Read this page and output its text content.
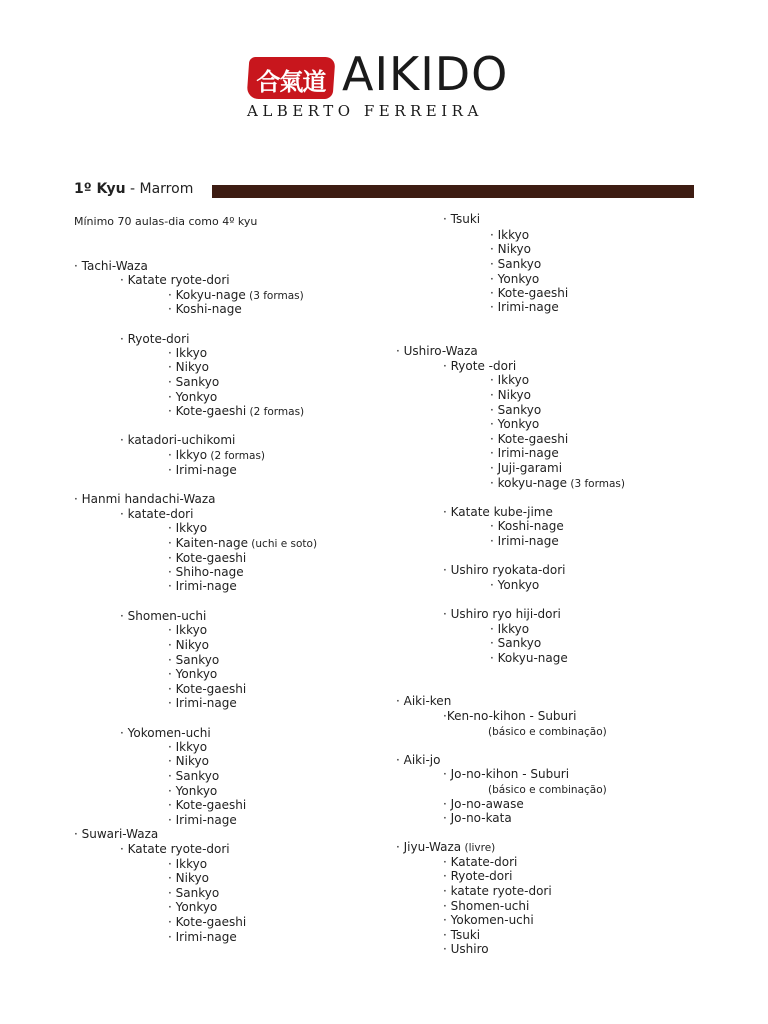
合氣道 AIKIDO
ALBERTO FERREIRA
1º Kyu - Marrom
Mínimo 70 aulas-dia como 4º kyu
· Tachi-Waza
· Katate ryote-dori
· Kokyu-nage (3 formas)
· Koshi-nage
· Ryote-dori
· Ikkyo
· Nikyo
· Sankyo
· Yonkyo
· Kote-gaeshi (2 formas)
· katadori-uchikomi
· Ikkyo (2 formas)
· Irimi-nage
· Hanmi handachi-Waza
· katate-dori
· Ikkyo
· Kaiten-nage (uchi e soto)
· Kote-gaeshi
· Shiho-nage
· Irimi-nage
· Shomen-uchi
· Ikkyo
· Nikyo
· Sankyo
· Yonkyo
· Kote-gaeshi
· Irimi-nage
· Yokomen-uchi
· Ikkyo
· Nikyo
· Sankyo
· Yonkyo
· Kote-gaeshi
· Irimi-nage
· Suwari-Waza
· Katate ryote-dori
· Ikkyo
· Nikyo
· Sankyo
· Yonkyo
· Kote-gaeshi
· Irimi-nage
· Tsuki
· Ikkyo
· Nikyo
· Sankyo
· Yonkyo
· Kote-gaeshi
· Irimi-nage
· Ushiro-Waza
· Ryote -dori
· Ikkyo
· Nikyo
· Sankyo
· Yonkyo
· Kote-gaeshi
· Irimi-nage
· Juji-garami
· kokyu-nage (3 formas)
· Katate kube-jime
· Koshi-nage
· Irimi-nage
· Ushiro ryokata-dori
· Yonkyo
· Ushiro ryo hiji-dori
· Ikkyo
· Sankyo
· Kokyu-nage
· Aiki-ken
·Ken-no-kihon - Suburi
(básico e combinação)
· Aiki-jo
· Jo-no-kihon - Suburi
(básico e combinação)
· Jo-no-awase
· Jo-no-kata
· Jiyu-Waza (livre)
· Katate-dori
· Ryote-dori
· katate ryote-dori
· Shomen-uchi
· Yokomen-uchi
· Tsuki
· Ushiro
